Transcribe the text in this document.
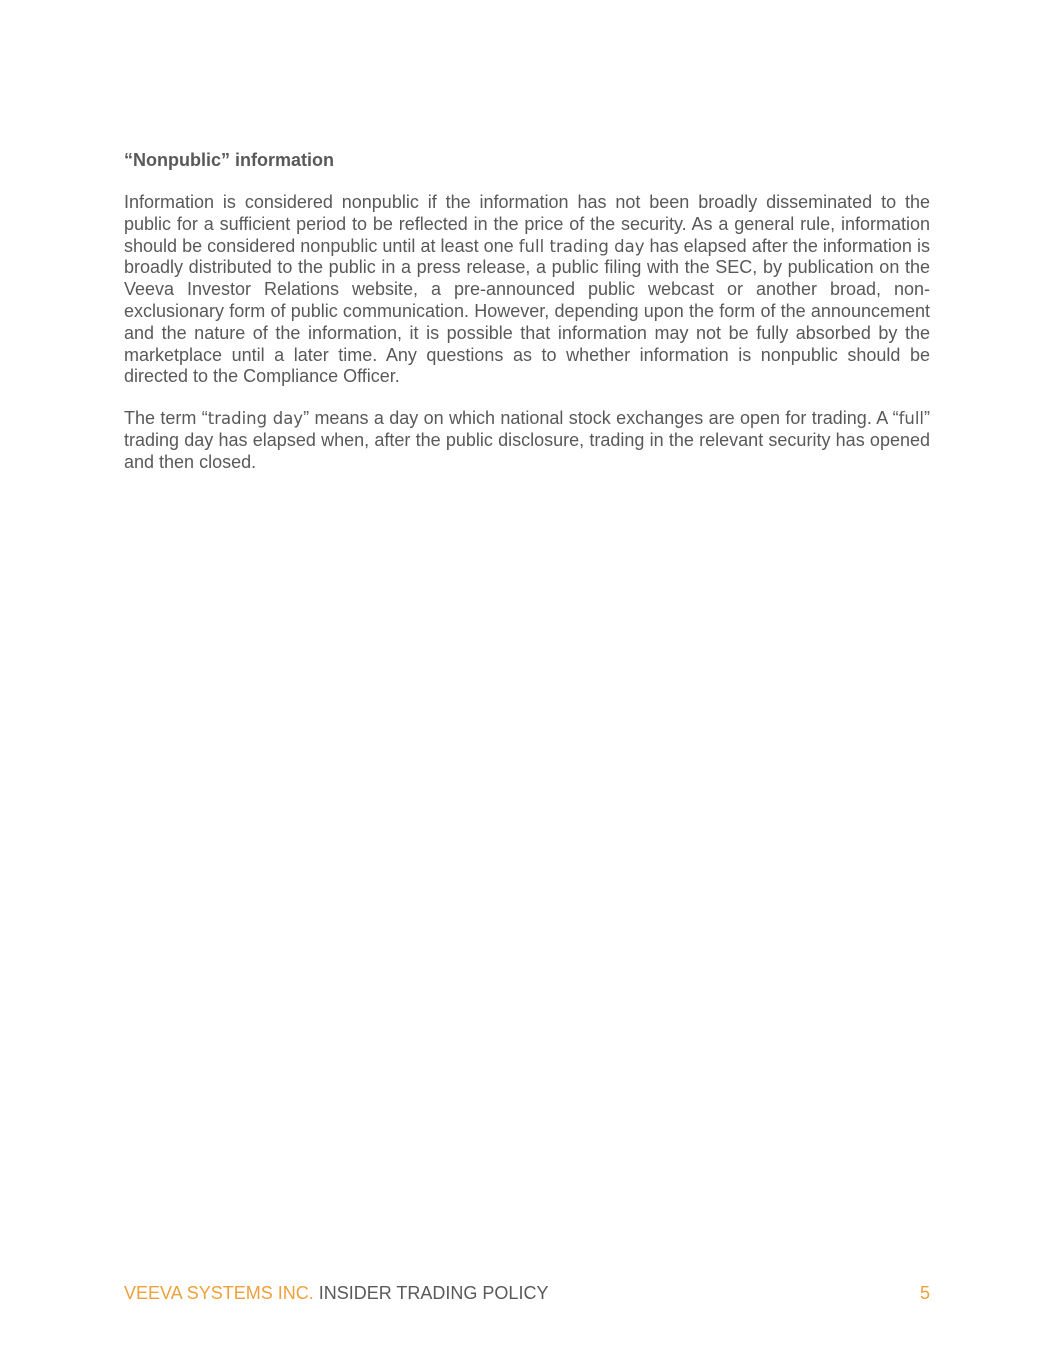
“Nonpublic” information

Information is considered nonpublic if the information has not been broadly disseminated to the public for a sufficient period to be reflected in the price of the security. As a general rule, information should be considered nonpublic until at least one full trading day has elapsed after the information is broadly distributed to the public in a press release, a public filing with the SEC, by publication on the Veeva Investor Relations website, a pre-announced public webcast or another broad, non-exclusionary form of public communication. However, depending upon the form of the announcement and the nature of the information, it is possible that information may not be fully absorbed by the marketplace until a later time. Any questions as to whether information is nonpublic should be directed to the Compliance Officer.

The term “trading day” means a day on which national stock exchanges are open for trading. A “full” trading day has elapsed when, after the public disclosure, trading in the relevant security has opened and then closed.

VEEVA SYSTEMS INC. INSIDER TRADING POLICY	5
